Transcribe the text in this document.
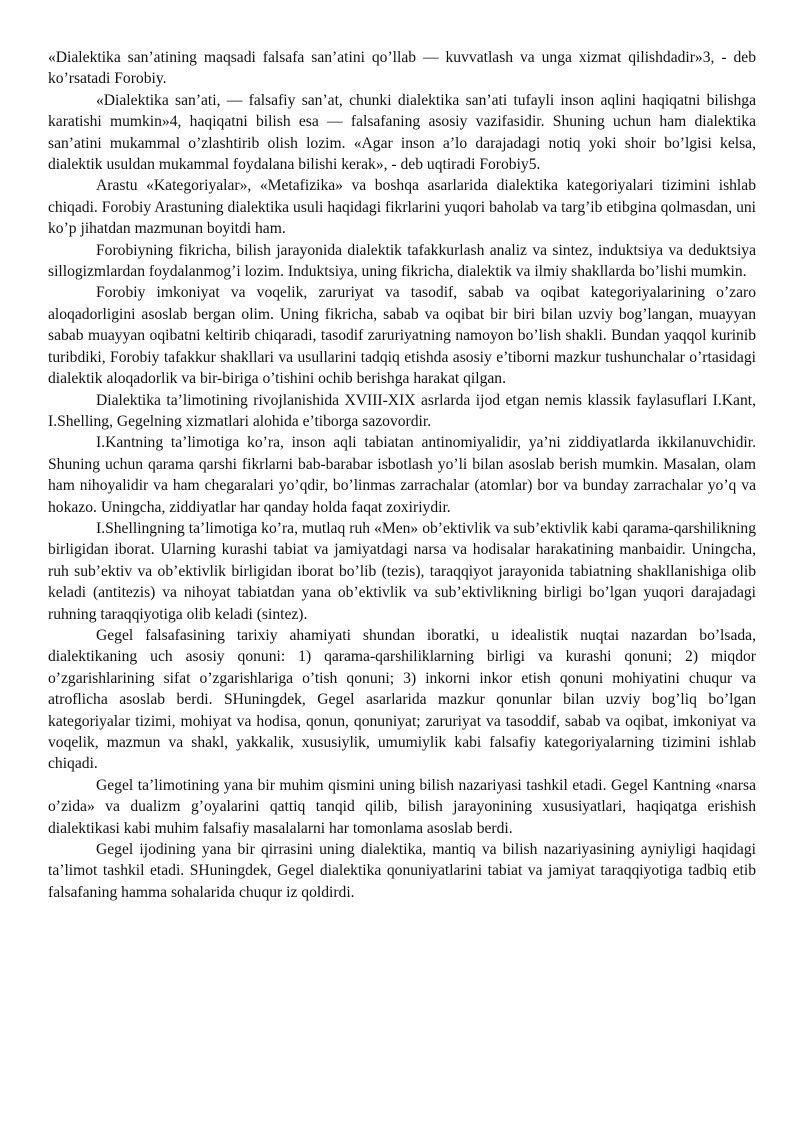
«Dialektika san’atining maqsadi falsafa san’atini qo’llab — kuvvatlash va unga xizmat qilishdadir»3, - deb ko’rsatadi Forobiy.

«Dialektika san’ati, — falsafiy san’at, chunki dialektika san’ati tufayli inson aqlini haqiqatni bilishga karatishi mumkin»4, haqiqatni bilish esa — falsafaning asosiy vazifasidir. Shuning uchun ham dialektika san’atini mukammal o’zlashtirib olish lozim. «Agar inson a’lo darajadagi notiq yoki shoir bo’lgisi kelsa, dialektik usuldan mukammal foydalana bilishi kerak», - deb uqtiradi Forobiy5.

Arastu «Kategoriyalar», «Metafizika» va boshqa asarlarida dialektika kategoriyalari tizimini ishlab chiqadi. Forobiy Arastuning dialektika usuli haqidagi fikrlarini yuqori baholab va targ’ib etibgina qolmasdan, uni ko’p jihatdan mazmunan boyitdi ham.

Forobiyning fikricha, bilish jarayonida dialektik tafakkurlash analiz va sintez, induktsiya va deduktsiya sillogizmlardan foydalanmog’i lozim. Induktsiya, uning fikricha, dialektik va ilmiy shakllarda bo’lishi mumkin.

Forobiy imkoniyat va voqelik, zaruriyat va tasodif, sabab va oqibat kategoriyalarining o’zaro aloqadorligini asoslab bergan olim. Uning fikricha, sabab va oqibat bir biri bilan uzviy bog’langan, muayyan sabab muayyan oqibatni keltirib chiqaradi, tasodif zaruriyatning namoyon bo’lish shakli. Bundan yaqqol kurinib turibdiki, Forobiy tafakkur shakllari va usullarini tadqiq etishda asosiy e’tiborni mazkur tushunchalar o’rtasidagi dialektik aloqadorlik va bir-biriga o’tishini ochib berishga harakat qilgan.

Dialektika ta’limotining rivojlanishida XVIII-XIX asrlarda ijod etgan nemis klassik faylasuflari I.Kant, I.Shelling, Gegelning xizmatlari alohida e’tiborga sazovordir.

I.Kantning ta’limotiga ko’ra, inson aqli tabiatan antinomiyalidir, ya’ni ziddiyatlarda ikkilanuvchidir. Shuning uchun qarama qarshi fikrlarni bab-barabar isbotlash yo’li bilan asoslab berish mumkin. Masalan, olam ham nihoyalidir va ham chegaralari yo’qdir, bo’linmas zarrachalar (atomlar) bor va bunday zarrachalar yo’q va hokazo. Uningcha, ziddiyatlar har qanday holda faqat zoxiriydir.

I.Shellingning ta’limotiga ko’ra, mutlaq ruh «Men» ob’ektivlik va sub’ektivlik kabi qarama-qarshilikning birligidan iborat. Ularning kurashi tabiat va jamiyatdagi narsa va hodisalar harakatining manbaidir. Uningcha, ruh sub’ektiv va ob’ektivlik birligidan iborat bo’lib (tezis), taraqqiyot jarayonida tabiatning shakllanishiga olib keladi (antitezis) va nihoyat tabiatdan yana ob’ektivlik va sub’ektivlikning birligi bo’lgan yuqori darajadagi ruhning taraqqiyotiga olib keladi (sintez).

Gegel falsafasining tarixiy ahamiyati shundan iboratki, u idealistik nuqtai nazardan bo’lsada, dialektikaning uch asosiy qonuni: 1) qarama-qarshiliklarning birligi va kurashi qonuni; 2) miqdor o’zgarishlarining sifat o’zgarishlariga o’tish qonuni; 3) inkorni inkor etish qonuni mohiyatini chuqur va atroflicha asoslab berdi. SHuningdek, Gegel asarlarida mazkur qonunlar bilan uzviy bog’liq bo’lgan kategoriyalar tizimi, mohiyat va hodisa, qonun, qonuniyat; zaruriyat va tasoddif, sabab va oqibat, imkoniyat va voqelik, mazmun va shakl, yakkalik, xususiylik, umumiylik kabi falsafiy kategoriyalarning tizimini ishlab chiqadi.

Gegel ta’limotining yana bir muhim qismini uning bilish nazariyasi tashkil etadi. Gegel Kantning «narsa o’zida» va dualizm g’oyalarini qattiq tanqid qilib, bilish jarayonining xususiyatlari, haqiqatga erishish dialektikasi kabi muhim falsafiy masalalarni har tomonlama asoslab berdi.

Gegel ijodining yana bir qirrasini uning dialektika, mantiq va bilish nazariyasining ayniyligi haqidagi ta’limot tashkil etadi. SHuningdek, Gegel dialektika qonuniyatlarini tabiat va jamiyat taraqqiyotiga tadbiq etib falsafaning hamma sohalarida chuqur iz qoldirdi.
